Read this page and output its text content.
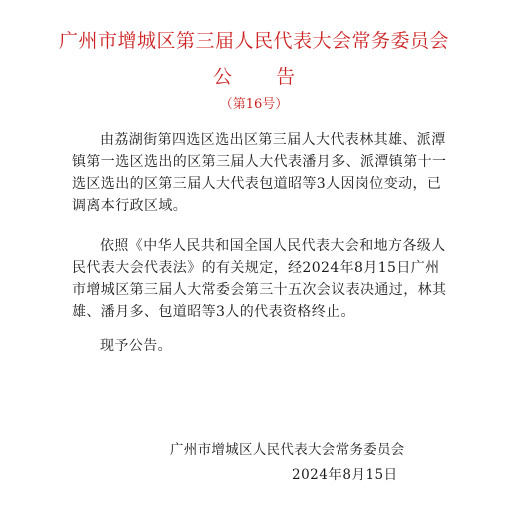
广州市增城区第三届人民代表大会常务委员会
公告
（第16号）

由荔湖街第四选区选出区第三届人大代表林其雄、派潭镇第一选区选出的区第三届人大代表潘月多、派潭镇第十一选区选出的区第三届人大代表包道昭等3人因岗位变动，已调离本行政区域。

依照《中华人民共和国全国人民代表大会和地方各级人民代表大会代表法》的有关规定，经2024年8月15日广州市增城区第三届人大常委会第三十五次会议表决通过，林其雄、潘月多、包道昭等3人的代表资格终止。

现予公告。

广州市增城区人民代表大会常务委员会
2024年8月15日
